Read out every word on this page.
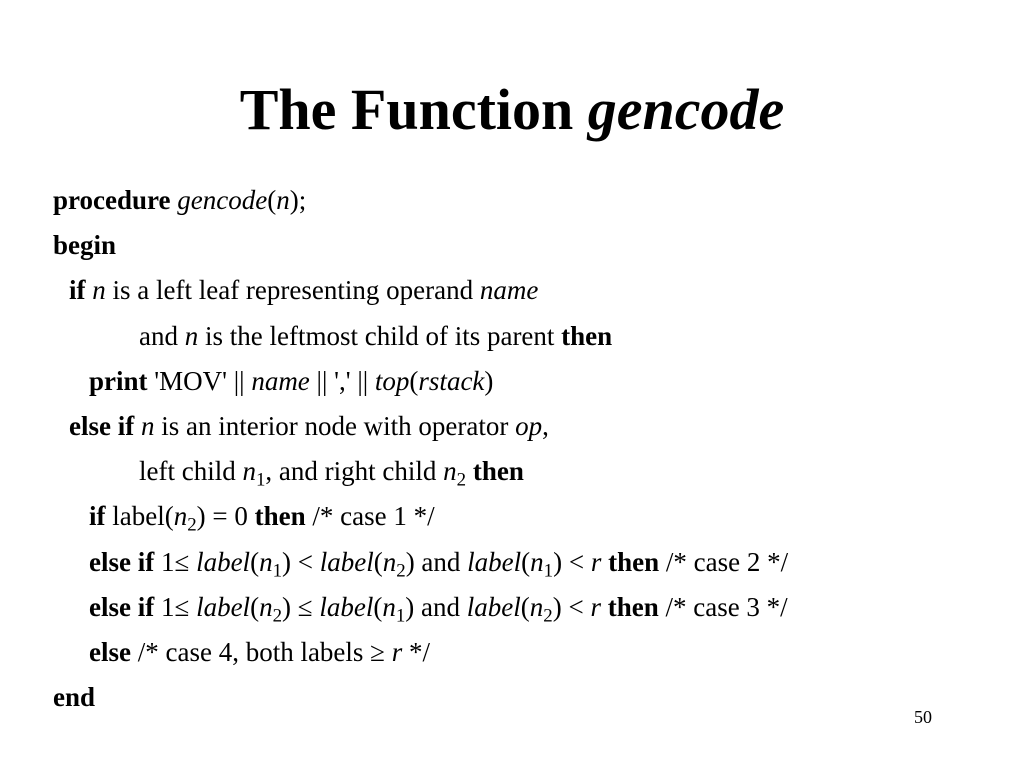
The Function gencode
procedure gencode(n);
begin
if n is a left leaf representing operand name
and n is the leftmost child of its parent then
print 'MOV' || name || ',' || top(rstack)
else if n is an interior node with operator op,
left child $n_1$, and right child $n_2$ then
if $label(n_2) = 0$ then /* case 1 */
else if $1\le label(n_1)$ < $label(n_2)$ and $label(n_1) < r$ then /* case 2 */
else if $1\le label(n_2)$ ≤ $label(n_1)$ and $label(n_2) < r$ then /* case 3 */
else /* case 4, both labels ≥ r */
end
50
